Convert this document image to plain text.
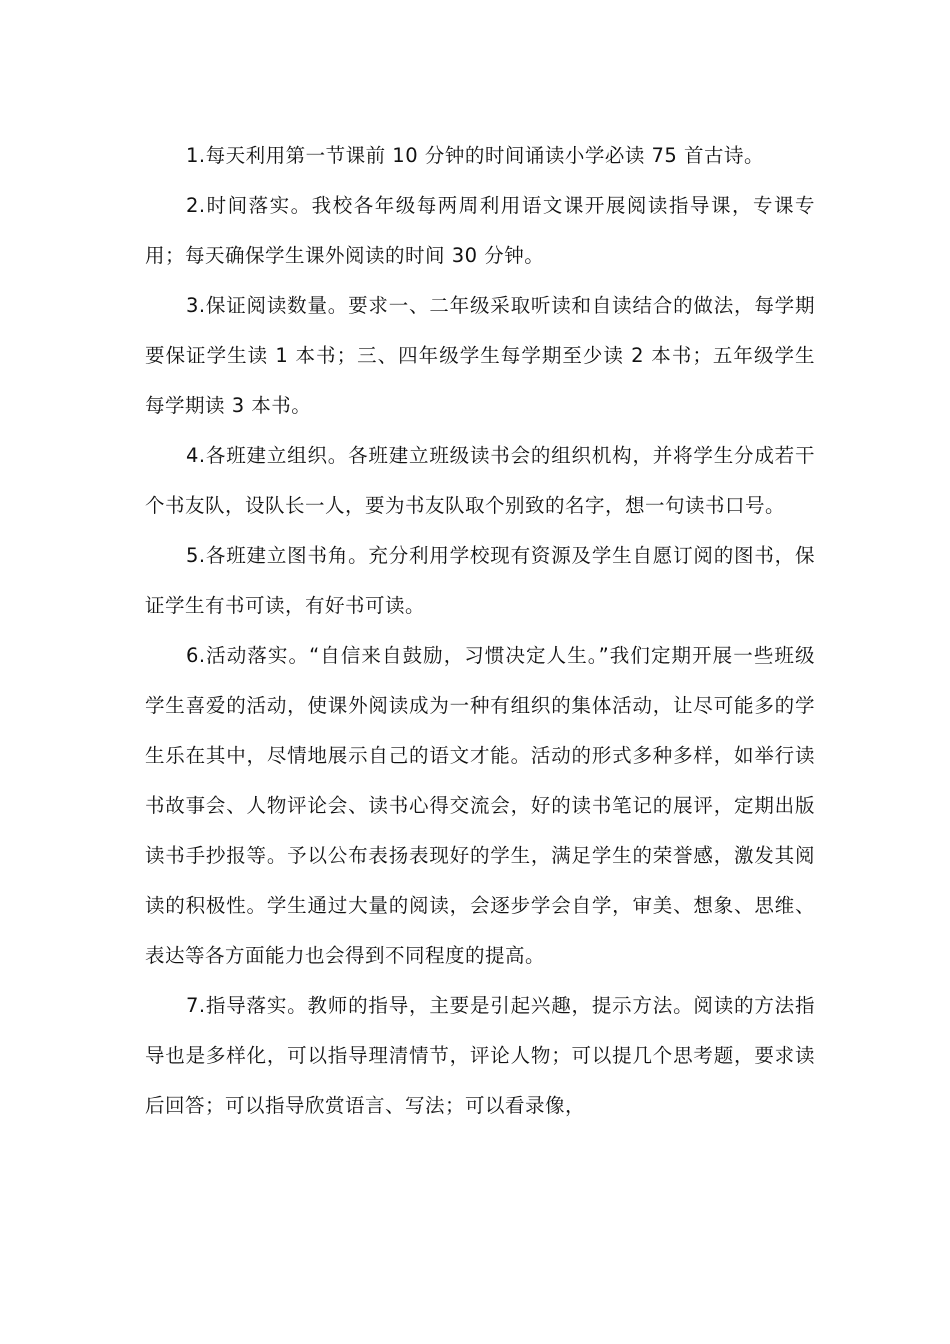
1.每天利用第一节课前 10 分钟的时间诵读小学必读 75 首古诗。

2.时间落实。我校各年级每两周利用语文课开展阅读指导课，专课专用；每天确保学生课外阅读的时间 30 分钟。

3.保证阅读数量。要求一、二年级采取听读和自读结合的做法，每学期要保证学生读 1 本书；三、四年级学生每学期至少读 2 本书；五年级学生每学期读 3 本书。

4.各班建立组织。各班建立班级读书会的组织机构，并将学生分成若干个书友队，设队长一人，要为书友队取个别致的名字，想一句读书口号。

5.各班建立图书角。充分利用学校现有资源及学生自愿订阅的图书，保证学生有书可读，有好书可读。

6.活动落实。“自信来自鼓励，习惯决定人生。”我们定期开展一些班级学生喜爱的活动，使课外阅读成为一种有组织的集体活动，让尽可能多的学生乐在其中，尽情地展示自己的语文才能。活动的形式多种多样，如举行读书故事会、人物评论会、读书心得交流会，好的读书笔记的展评，定期出版读书手抄报等。予以公布表扬表现好的学生，满足学生的荣誉感，激发其阅读的积极性。学生通过大量的阅读，会逐步学会自学，审美、想象、思维、表达等各方面能力也会得到不同程度的提高。

7.指导落实。教师的指导，主要是引起兴趣，提示方法。阅读的方法指导也是多样化，可以指导理清情节，评论人物；可以提几个思考题，要求读后回答；可以指导欣赏语言、写法；可以看录像，
